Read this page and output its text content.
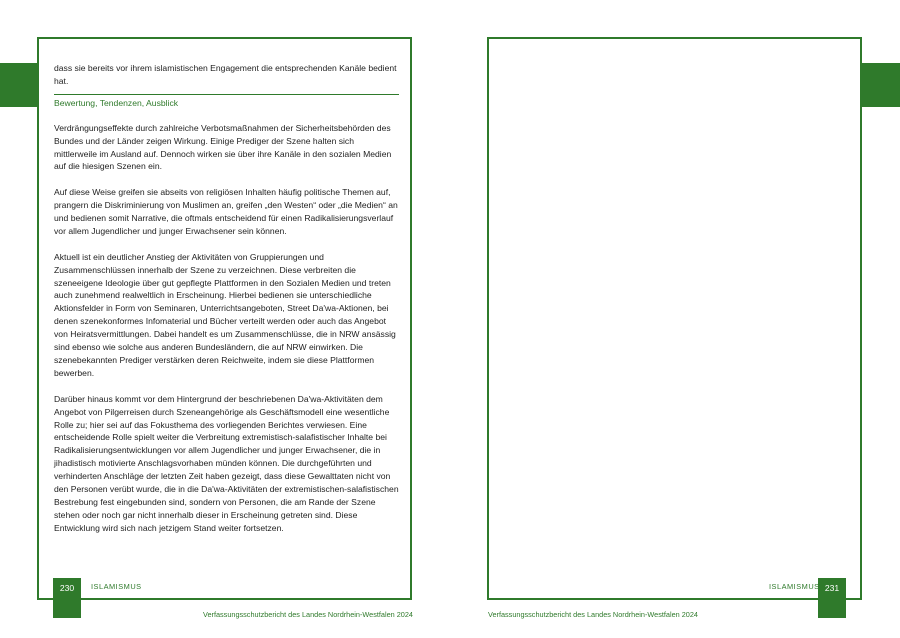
dass sie bereits vor ihrem islamistischen Engagement die entsprechenden Kanäle bedient hat.

Bewertung, Tendenzen, Ausblick

Verdrängungseffekte durch zahlreiche Verbotsmaßnahmen der Sicherheitsbehörden des Bundes und der Länder zeigen Wirkung. Einige Prediger der Szene halten sich mittlerweile im Ausland auf. Dennoch wirken sie über ihre Kanäle in den sozialen Medien auf die hiesigen Szenen ein.

Auf diese Weise greifen sie abseits von religiösen Inhalten häufig politische Themen auf, prangern die Diskriminierung von Muslimen an, greifen „den Westen“ oder „die Medien“ an und bedienen somit Narrative, die oftmals entscheidend für einen Radikalisierungsverlauf vor allem Jugendlicher und junger Erwachsener sein können.

Aktuell ist ein deutlicher Anstieg der Aktivitäten von Gruppierungen und Zusammenschlüssen innerhalb der Szene zu verzeichnen. Diese verbreiten die szeneeigene Ideologie über gut gepflegte Plattformen in den Sozialen Medien und treten auch zunehmend realweltlich in Erscheinung. Hierbei bedienen sie unterschiedliche Aktionsfelder in Form von Seminaren, Unterrichtsangeboten, Street Da'wa-Aktionen, bei denen szenekonformes Infomaterial und Bücher verteilt werden oder auch das Angebot von Heiratsvermittlungen. Dabei handelt es um Zusammenschlüsse, die in NRW ansässig sind ebenso wie solche aus anderen Bundesländern, die auf NRW einwirken. Die szenebekannten Prediger verstärken deren Reichweite, indem sie diese Plattformen bewerben.

Darüber hinaus kommt vor dem Hintergrund der beschriebenen Da'wa-Aktivitäten dem Angebot von Pilgerreisen durch Szeneangehörige als Geschäftsmodell eine wesentliche Rolle zu; hier sei auf das Fokusthema des vorliegenden Berichtes verwiesen. Eine entscheidende Rolle spielt weiter die Verbreitung extremistisch-salafistischer Inhalte bei Radikalisierungsentwicklungen vor allem Jugendlicher und junger Erwachsener, die in jihadistisch motivierte Anschlagsvorhaben münden können. Die durchgeführten und verhinderten Anschläge der letzten Zeit haben gezeigt, dass diese Gewalttaten nicht von den Personen verübt wurde, die in die Da'wa-Aktivitäten der extremistischen-salafistischen Bestrebung fest eingebunden sind, sondern von Personen, die am Rande der Szene stehen oder noch gar nicht innerhalb dieser in Erscheinung getreten sind. Diese Entwicklung wird sich nach jetzigem Stand weiter fortsetzen.

230	ISLAMISMUS
Verfassungsschutzbericht des Landes Nordrhein-Westfalen 2024
231
ISLAMISMUS
Verfassungsschutzbericht des Landes Nordrhein-Westfalen 2024
